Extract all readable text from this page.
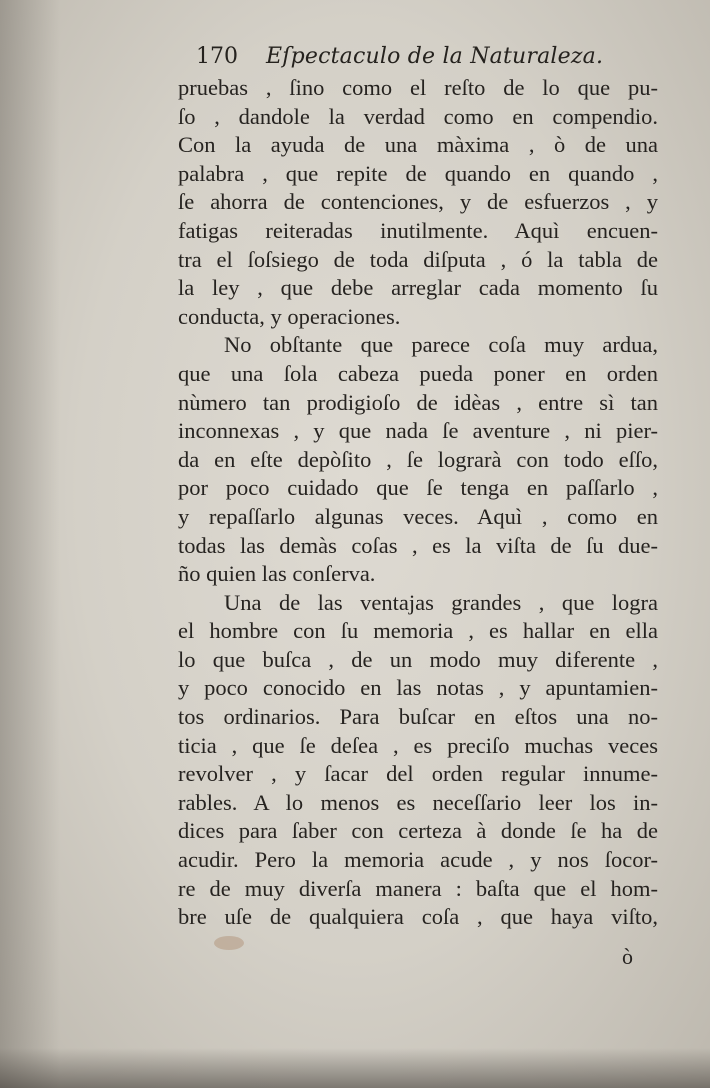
170 Eſpectaculo de la Naturaleza.
pruebas , ſino como el reſto de lo que pu-
ſo , dandole la verdad como en compendio.
Con la ayuda de una màxima , ò de una
palabra , que repite de quando en quando ,
ſe ahorra de contenciones, y de esfuerzos , y
fatigas reiteradas inutilmente. Aquì encuen-
tra el ſoſsiego de toda diſputa , ó la tabla de
la ley , que debe arreglar cada momento ſu
conducta, y operaciones.
No obſtante que parece coſa muy ardua,
que una ſola cabeza pueda poner en orden
nùmero tan prodigioſo de idèas , entre sì tan
inconnexas , y que nada ſe aventure , ni pier-
da en eſte depòſito , ſe lograrà con todo eſſo,
por poco cuidado que ſe tenga en paſſarlo ,
y repaſſarlo algunas veces. Aquì , como en
todas las demàs coſas , es la viſta de ſu due-
ño quien las conſerva.
Una de las ventajas grandes , que logra
el hombre con ſu memoria , es hallar en ella
lo que buſca , de un modo muy diferente ,
y poco conocido en las notas , y apuntamien-
tos ordinarios. Para buſcar en eſtos una no-
ticia , que ſe deſea , es preciſo muchas veces
revolver , y ſacar del orden regular innume-
rables. A lo menos es neceſſario leer los in-
dices para ſaber con certeza à donde ſe ha de
acudir. Pero la memoria acude , y nos ſocor-
re de muy diverſa manera : baſta que el hom-
bre uſe de qualquiera coſa , que haya viſto,
ò
